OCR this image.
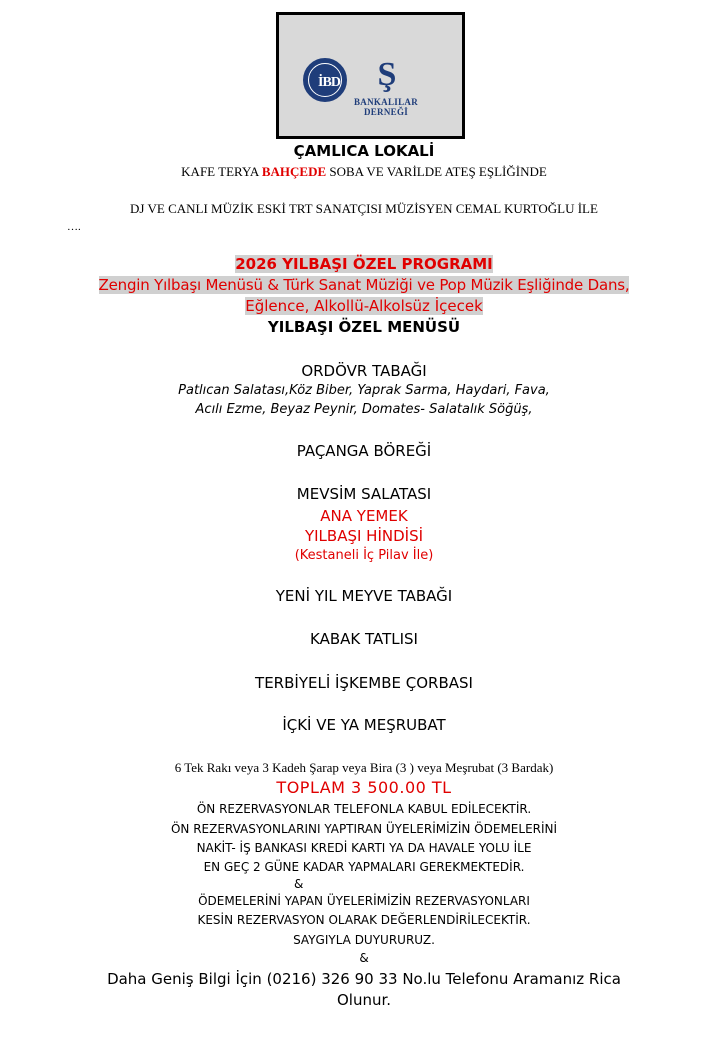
İBD Ş
BANKALILAR
DERNEĞİ
ÇAMLICA LOKALİ
KAFE TERYA BAHÇEDE SOBA VE VARİLDE ATEŞ EŞLİĞİNDE
DJ VE CANLI MÜZİK ESKİ TRT SANATÇISI MÜZİSYEN CEMAL KURTOĞLU İLE
….
2026 YILBAŞI ÖZEL PROGRAMI
Zengin Yılbaşı Menüsü & Türk Sanat Müziği ve Pop Müzik Eşliğinde Dans,
Eğlence, Alkollü-Alkolsüz İçecek
YILBAŞI ÖZEL MENÜSÜ
ORDÖVR TABAĞI
Patlıcan Salatası,Köz Biber, Yaprak Sarma, Haydari, Fava,
Acılı Ezme, Beyaz Peynir, Domates- Salatalık Söğüş,
PAÇANGA BÖREĞİ
MEVSİM SALATASI
ANA YEMEK
YILBAŞI HİNDİSİ
(Kestaneli İç Pilav İle)
YENİ YIL MEYVE TABAĞI
KABAK TATLISI
TERBİYELİ İŞKEMBE ÇORBASI
İÇKİ VE YA MEŞRUBAT
6 Tek Rakı veya 3 Kadeh Şarap veya Bira (3 ) veya Meşrubat (3 Bardak)
TOPLAM 3 500.00 TL
ÖN REZERVASYONLAR TELEFONLA KABUL EDİLECEKTİR.
ÖN REZERVASYONLARINI YAPTIRAN ÜYELERİMİZİN ÖDEMELERİNİ
NAKİT- İŞ BANKASI KREDİ KARTI YA DA HAVALE YOLU İLE
EN GEÇ 2 GÜNE KADAR YAPMALARI GEREKMEKTEDİR.
&
ÖDEMELERİNİ YAPAN ÜYELERİMİZİN REZERVASYONLARI
KESİN REZERVASYON OLARAK DEĞERLENDİRİLECEKTİR.
SAYGIYLA DUYURURUZ.
&
Daha Geniş Bilgi İçin (0216) 326 90 33 No.lu Telefonu Aramanız Rica
Olunur.
